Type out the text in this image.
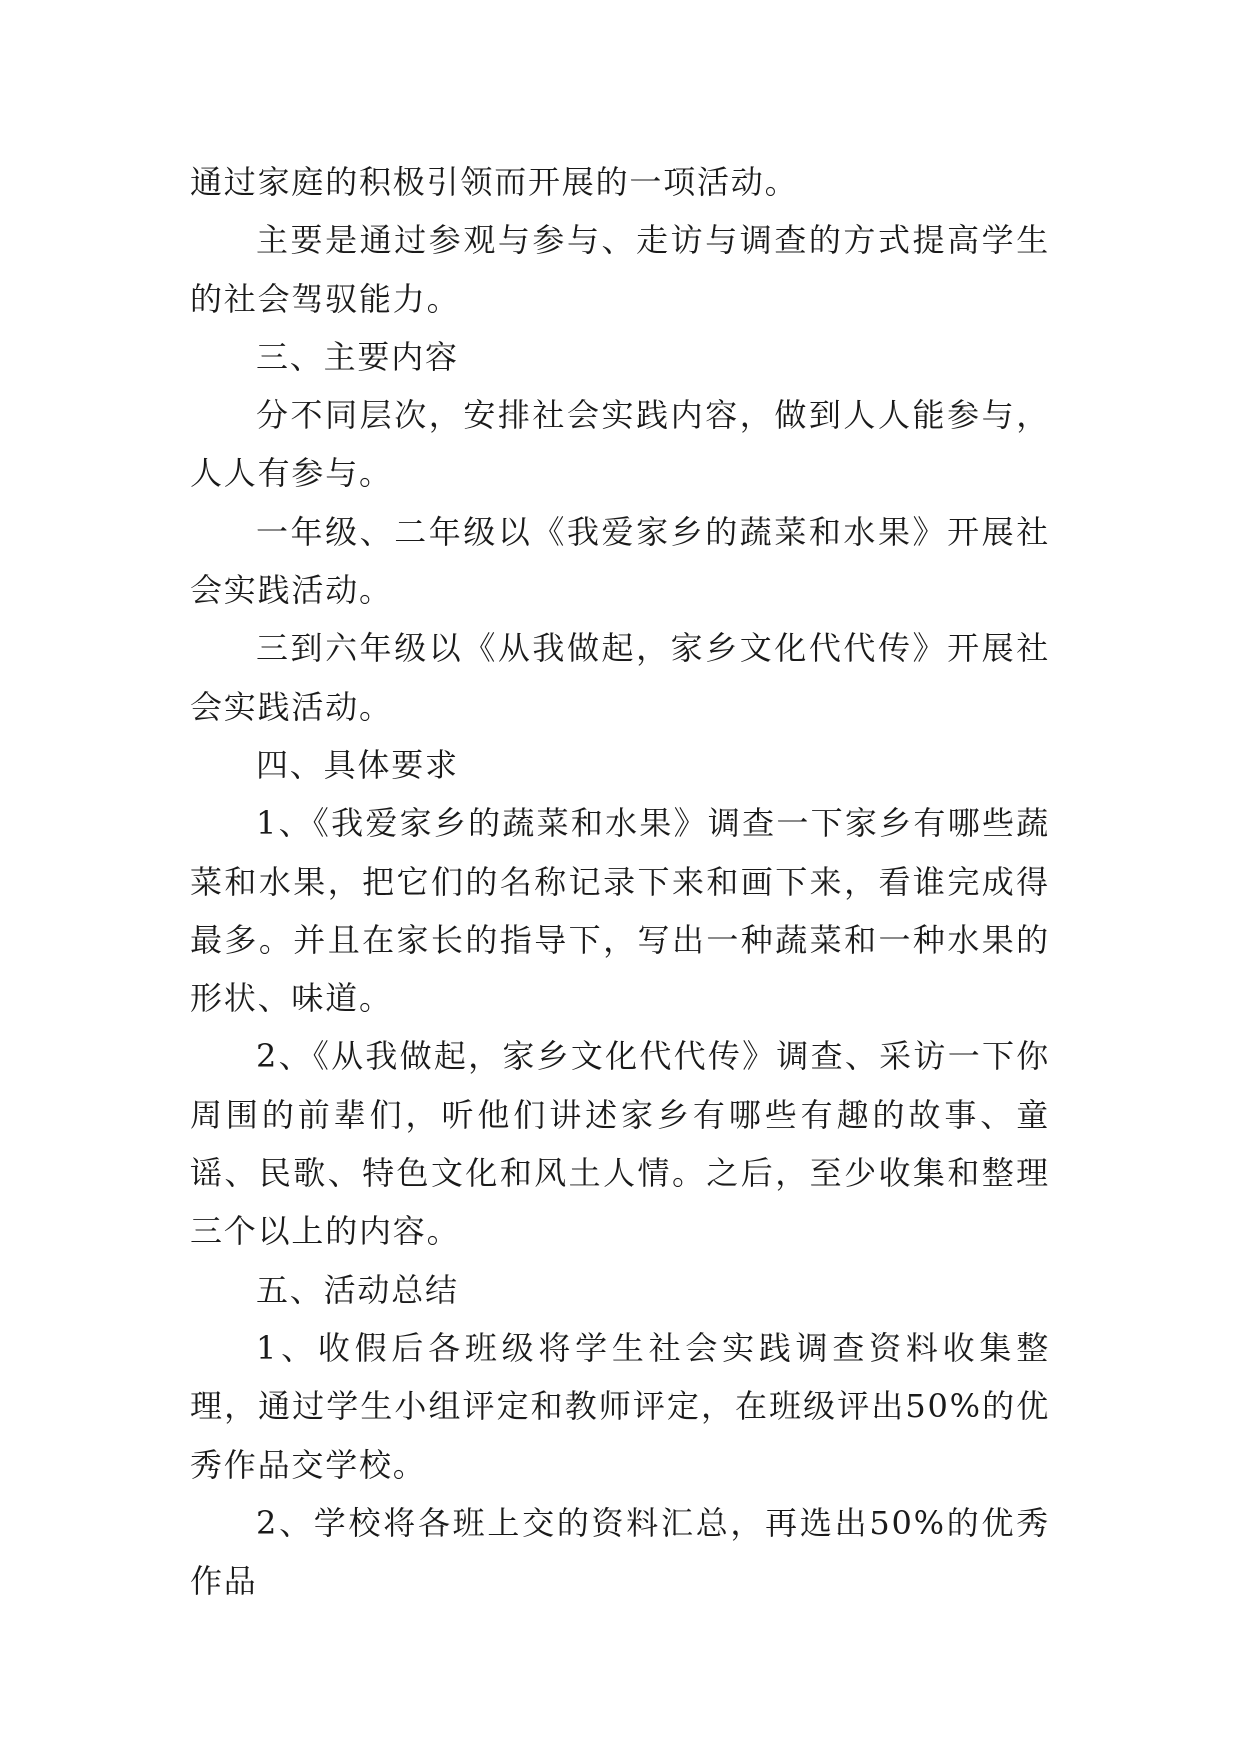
通过家庭的积极引领而开展的一项活动。

主要是通过参观与参与、走访与调查的方式提高学生的社会驾驭能力。

三、主要内容

分不同层次，安排社会实践内容，做到人人能参与，人人有参与。

一年级、二年级以《我爱家乡的蔬菜和水果》开展社会实践活动。

三到六年级以《从我做起，家乡文化代代传》开展社会实践活动。

四、具体要求

1、《我爱家乡的蔬菜和水果》调查一下家乡有哪些蔬菜和水果，把它们的名称记录下来和画下来，看谁完成得最多。并且在家长的指导下，写出一种蔬菜和一种水果的形状、味道。

2、《从我做起，家乡文化代代传》调查、采访一下你周围的前辈们，听他们讲述家乡有哪些有趣的故事、童谣、民歌、特色文化和风土人情。之后，至少收集和整理三个以上的内容。

五、活动总结

1、收假后各班级将学生社会实践调查资料收集整理，通过学生小组评定和教师评定，在班级评出50%的优秀作品交学校。

2、学校将各班上交的资料汇总，再选出50%的优秀作品
